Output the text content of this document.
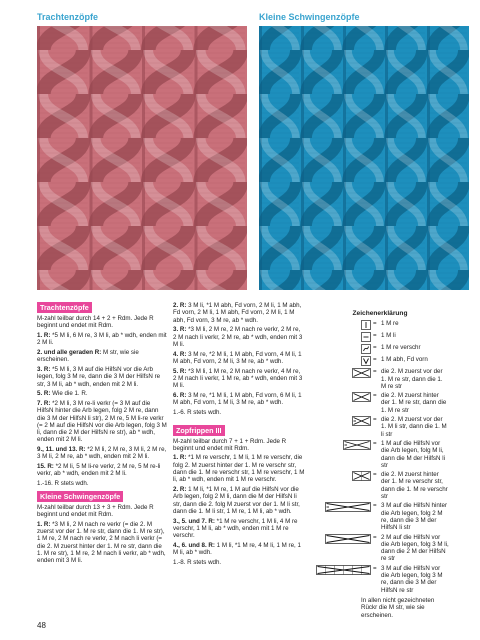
Trachtenzöpfe	Kleine Schwingenzöpfe
Trachtenzöpfe

M-zahl teilbar durch 14 + 2 + Rdm. Jede R beginnt und endet mit Rdm.

1. R: *5 M li, 6 M re, 3 M li, ab * wdh, enden mit 2 M li.

2. und alle geraden R: M str, wie sie erscheinen.

3. R: *5 M li, 3 M auf die HilfsN vor die Arb legen, folg 3 M re, dann die 3 M der HilfsN re str, 3 M li, ab * wdh, enden mit 2 M li.

5. R: Wie die 1. R.

7. R: *2 M li, 3 M re-li verkr (= 3 M auf die HilfsN hinter die Arb legen, folg 2 M re, dann die 3 M der HilfsN li str), 2 M re, 5 M li-re verkr (= 2 M auf die HilfsN vor die Arb legen, folg 3 M li, dann die 2 M der HilfsN re str), ab * wdh, enden mit 2 M li.

9., 11. und 13. R: *2 M li, 2 M re, 3 M li, 2 M re, 3 M li, 2 M re, ab * wdh, enden mit 2 M li.

15. R: *2 M li, 5 M li-re verkr, 2 M re, 5 M re-li verkr, ab * wdh, enden mit 2 M li.

1.-16. R stets wdh.

Kleine Schwingenzöpfe

M-zahl teilbar durch 13 + 3 + Rdm. Jede R beginnt und endet mit Rdm.

1. R: *3 M li, 2 M nach re verkr (= die 2. M zuerst vor der 1. M re str, dann die 1. M re str), 1 M re, 2 M nach re verkr, 2 M nach li verkr (= die 2. M zuerst hinter der 1. M re str, dann die 1. M re str), 1 M re, 2 M nach li verkr, ab * wdh, enden mit 3 M li.

2. R: 3 M li, *1 M abh, Fd vorn, 2 M li, 1 M abh, Fd vorn, 2 M li, 1 M abh, Fd vorn, 2 M li, 1 M abh, Fd vorn, 3 M re, ab * wdh.

3. R: *3 M li, 2 M re, 2 M nach re verkr, 2 M re, 2 M nach li verkr, 2 M re, ab * wdh, enden mit 3 M li.

4. R: 3 M re, *2 M li, 1 M abh, Fd vorn, 4 M li, 1 M abh, Fd vorn, 2 M li, 3 M re, ab * wdh.

5. R: *3 M li, 1 M re, 2 M nach re verkr, 4 M re, 2 M nach li verkr, 1 M re, ab * wdh, enden mit 3 M li.

6. R: 3 M re, *1 M li, 1 M abh, Fd vorn, 6 M li, 1 M abh, Fd vorn, 1 M li, 3 M re, ab * wdh.

1.-6. R stets wdh.

Zopfrippen III

M-zahl teilbar durch 7 + 1 + Rdm. Jede R beginnt und endet mit Rdm.

1. R: *1 M re verschr, 1 M li, 1 M re verschr, die folg 2. M zuerst hinter der 1. M re verschr str, dann die 1. M re verschr str, 1 M re verschr, 1 M li, ab * wdh, enden mit 1 M re verschr.

2. R: 1 M li, *1 M re, 1 M auf die HilfsN vor die Arb legen, folg 2 M li, dann die M der HilfsN li str, dann die 2. folg M zuerst vor der 1. M li str, dann die 1. M li str, 1 M re, 1 M li, ab * wdh.

3., 5. und 7. R: *1 M re verschr, 1 M li, 4 M re verschr, 1 M li, ab * wdh, enden mit 1 M re verschr.

4., 6. und 8. R: 1 M li, *1 M re, 4 M li, 1 M re, 1 M li, ab * wdh.

1.-8. R stets wdh.

Zeichenerklärung
= 1 M re
= 1 M li
= 1 M re verschr
= 1 M abh, Fd vorn
= die 2. M zuerst vor der 1. M re str, dann die 1. M re str
= die 2. M zuerst hinter der 1. M re str, dann die 1. M re str
= die 2. M zuerst vor der 1. M li str, dann die 1. M li str
= 1 M auf die HilfsN vor die Arb legen, folg M li, dann die M der HilfsN li str
= die 2. M zuerst hinter der 1. M re verschr str, dann die 1. M re verschr str
= 3 M auf die HilfsN hinter die Arb legen, folg 2 M re, dann die 3 M der HilfsN li str
= 2 M auf die HilfsN vor die Arb legen, folg 3 M li, dann die 2 M der HilfsN re str
= 3 M auf die HilfsN vor die Arb legen, folg 3 M re, dann die 3 M der HilfsN re str

In allen nicht gezeichneten Rückr die M str, wie sie erscheinen.

48
